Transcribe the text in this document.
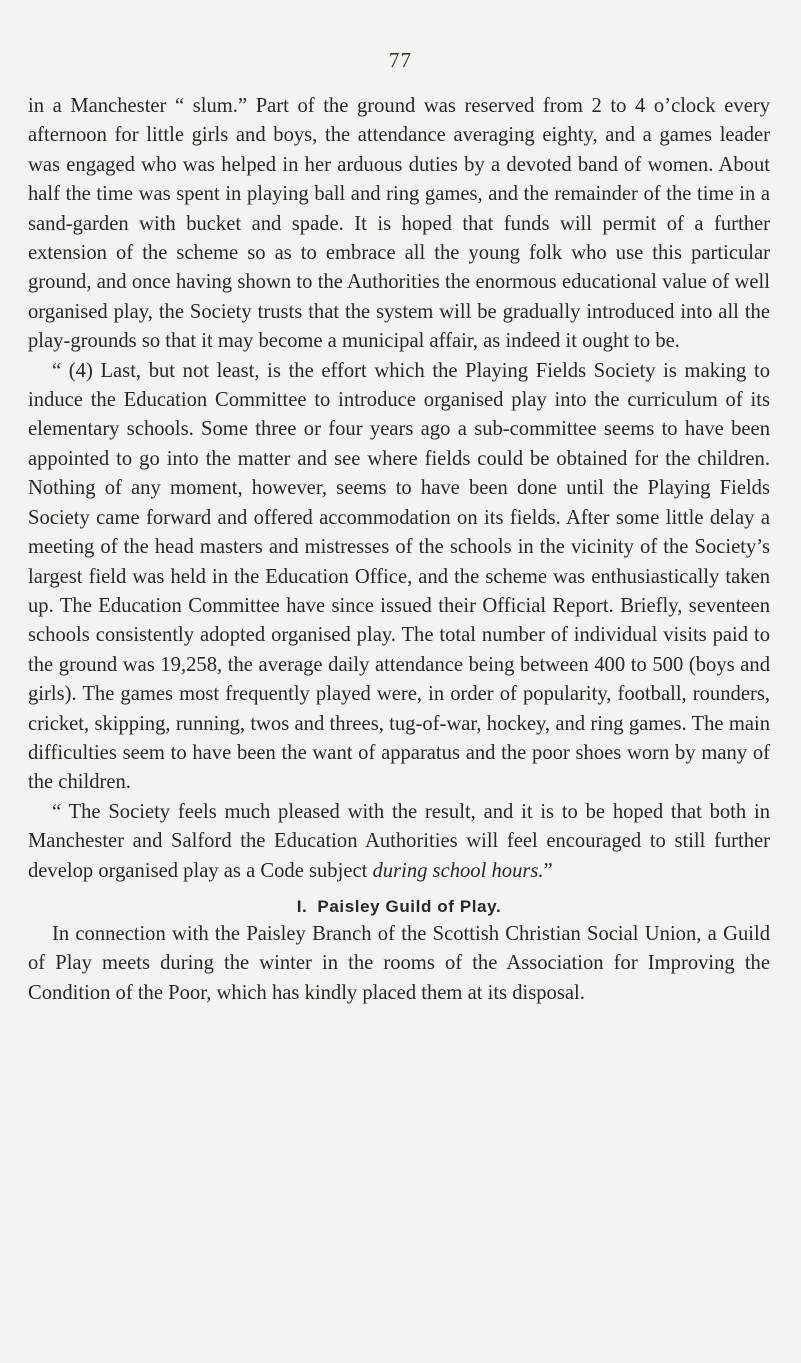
77

in a Manchester “ slum.” Part of the ground was reserved from 2 to 4 o’clock every afternoon for little girls and boys, the attendance averaging eighty, and a games leader was engaged who was helped in her arduous duties by a devoted band of women. About half the time was spent in playing ball and ring games, and the remainder of the time in a sand-garden with bucket and spade. It is hoped that funds will permit of a further extension of the scheme so as to embrace all the young folk who use this particular ground, and once having shown to the Authorities the enormous educational value of well organised play, the Society trusts that the system will be gradually introduced into all the play-grounds so that it may become a municipal affair, as indeed it ought to be.

“ (4) Last, but not least, is the effort which the Playing Fields Society is making to induce the Education Committee to introduce organised play into the curriculum of its elementary schools. Some three or four years ago a sub-committee seems to have been appointed to go into the matter and see where fields could be obtained for the children. Nothing of any moment, however, seems to have been done until the Playing Fields Society came forward and offered accommodation on its fields. After some little delay a meeting of the head masters and mistresses of the schools in the vicinity of the Society’s largest field was held in the Education Office, and the scheme was enthusiastically taken up. The Education Committee have since issued their Official Report. Briefly, seventeen schools consistently adopted organised play. The total number of individual visits paid to the ground was 19,258, the average daily attendance being between 400 to 500 (boys and girls). The games most frequently played were, in order of popularity, football, rounders, cricket, skipping, running, twos and threes, tug-of-war, hockey, and ring games. The main difficulties seem to have been the want of apparatus and the poor shoes worn by many of the children.

“ The Society feels much pleased with the result, and it is to be hoped that both in Manchester and Salford the Education Authorities will feel encouraged to still further develop organised play as a Code subject during school hours.”

I. Paisley Guild of Play.

In connection with the Paisley Branch of the Scottish Christian Social Union, a Guild of Play meets during the winter in the rooms of the Association for Improving the Condition of the Poor, which has kindly placed them at its disposal.
